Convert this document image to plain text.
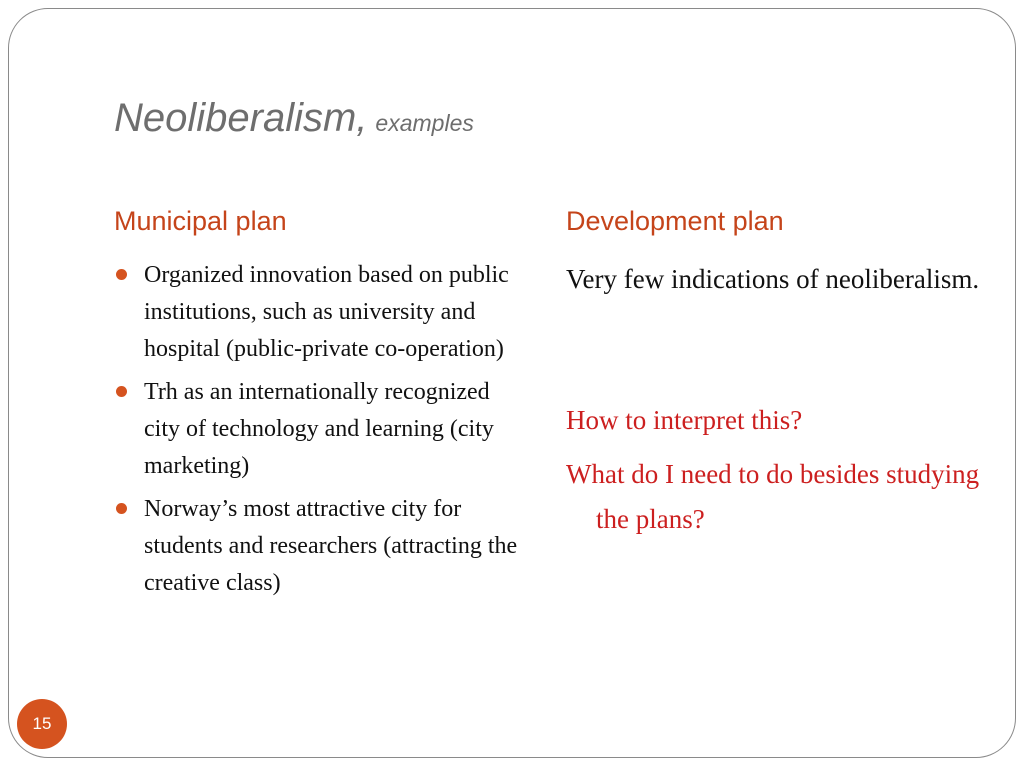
Neoliberalism, examples
Municipal plan	Development plan
Organized innovation based on public institutions, such as university and hospital (public-private co-operation)
Trh as an internationally recognized city of technology and learning (city marketing)
Norway’s most attractive city for students and researchers (attracting the creative class)
Very few indications of neoliberalism.
How to interpret this?
What do I need to do besides studying the plans?
15
